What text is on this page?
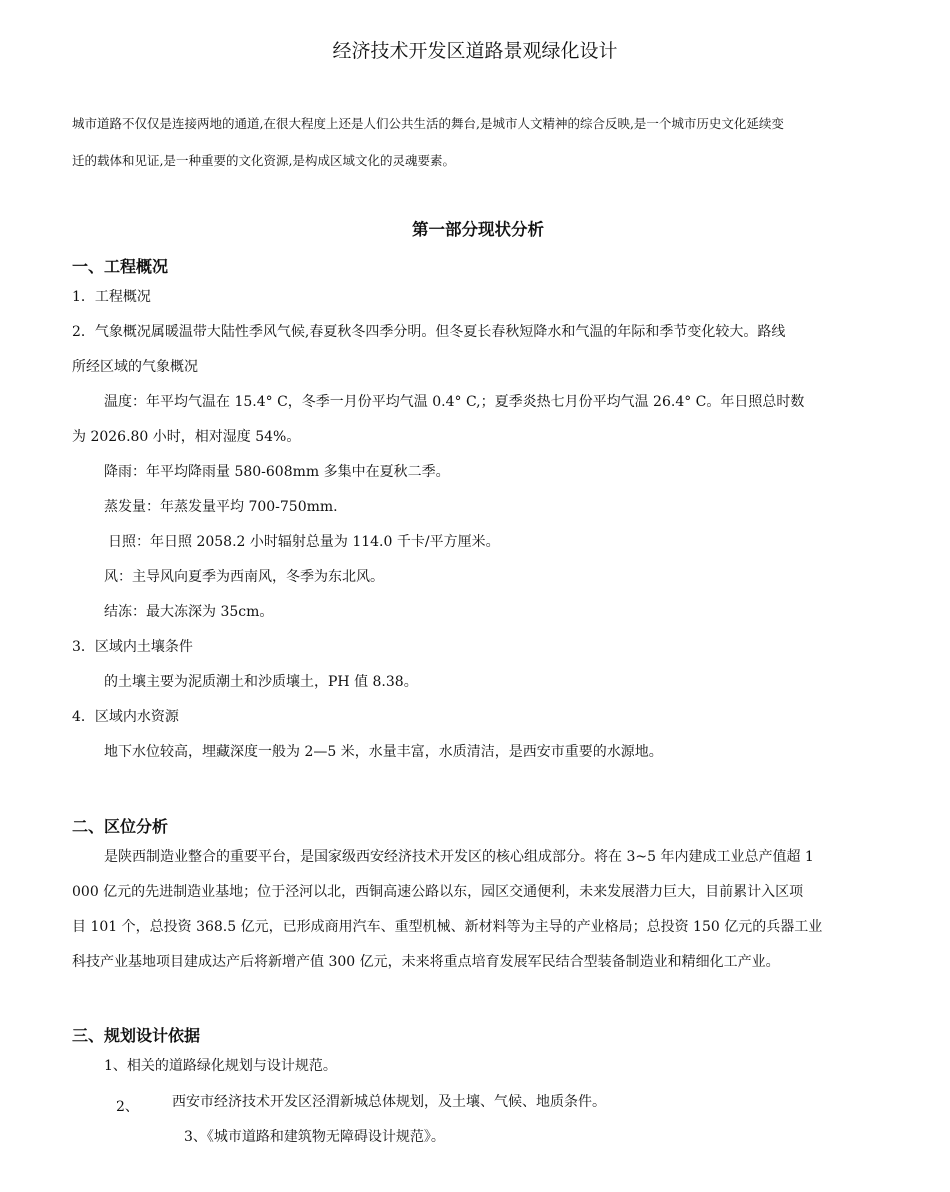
经济技术开发区道路景观绿化设计
城市道路不仅仅是连接两地的通道,在很大程度上还是人们公共生活的舞台,是城市人文精神的综合反映,是一个城市历史文化延续变
迁的载体和见证,是一种重要的文化资源,是构成区域文化的灵魂要素。
第一部分现状分析
一、工程概况
1．工程概况
2．气象概况属暖温带大陆性季风气候,春夏秋冬四季分明。但冬夏长春秋短降水和气温的年际和季节变化较大。路线
所经区域的气象概况
温度：年平均气温在 15.4° C，冬季一月份平均气温 0.4° C,；夏季炎热七月份平均气温 26.4° C。年日照总时数
为 2026.80 小时，相对湿度 54%。
降雨：年平均降雨量 580-608mm 多集中在夏秋二季。
蒸发量：年蒸发量平均 700-750mm.
日照：年日照 2058.2 小时辐射总量为 114.0 千卡/平方厘米。
风：主导风向夏季为西南风，冬季为东北风。
结冻：最大冻深为 35cm。
3．区域内土壤条件
的土壤主要为泥质潮土和沙质壤土，PH 值 8.38。
4．区域内水资源
地下水位较高，埋藏深度一般为 2—5 米，水量丰富，水质清洁，是西安市重要的水源地。
二、区位分析
是陕西制造业整合的重要平台，是国家级西安经济技术开发区的核心组成部分。将在 3~5 年内建成工业总产值超 1
000 亿元的先进制造业基地；位于泾河以北，西铜高速公路以东，园区交通便利，未来发展潜力巨大，目前累计入区项
目 101 个，总投资 368.5 亿元，已形成商用汽车、重型机械、新材料等为主导的产业格局；总投资 150 亿元的兵器工业
科技产业基地项目建成达产后将新增产值 300 亿元，未来将重点培育发展军民结合型装备制造业和精细化工产业。
三、规划设计依据
1、相关的道路绿化规划与设计规范。
2、 西安市经济技术开发区泾渭新城总体规划，及土壤、气候、地质条件。
3、《城市道路和建筑物无障碍设计规范》。
